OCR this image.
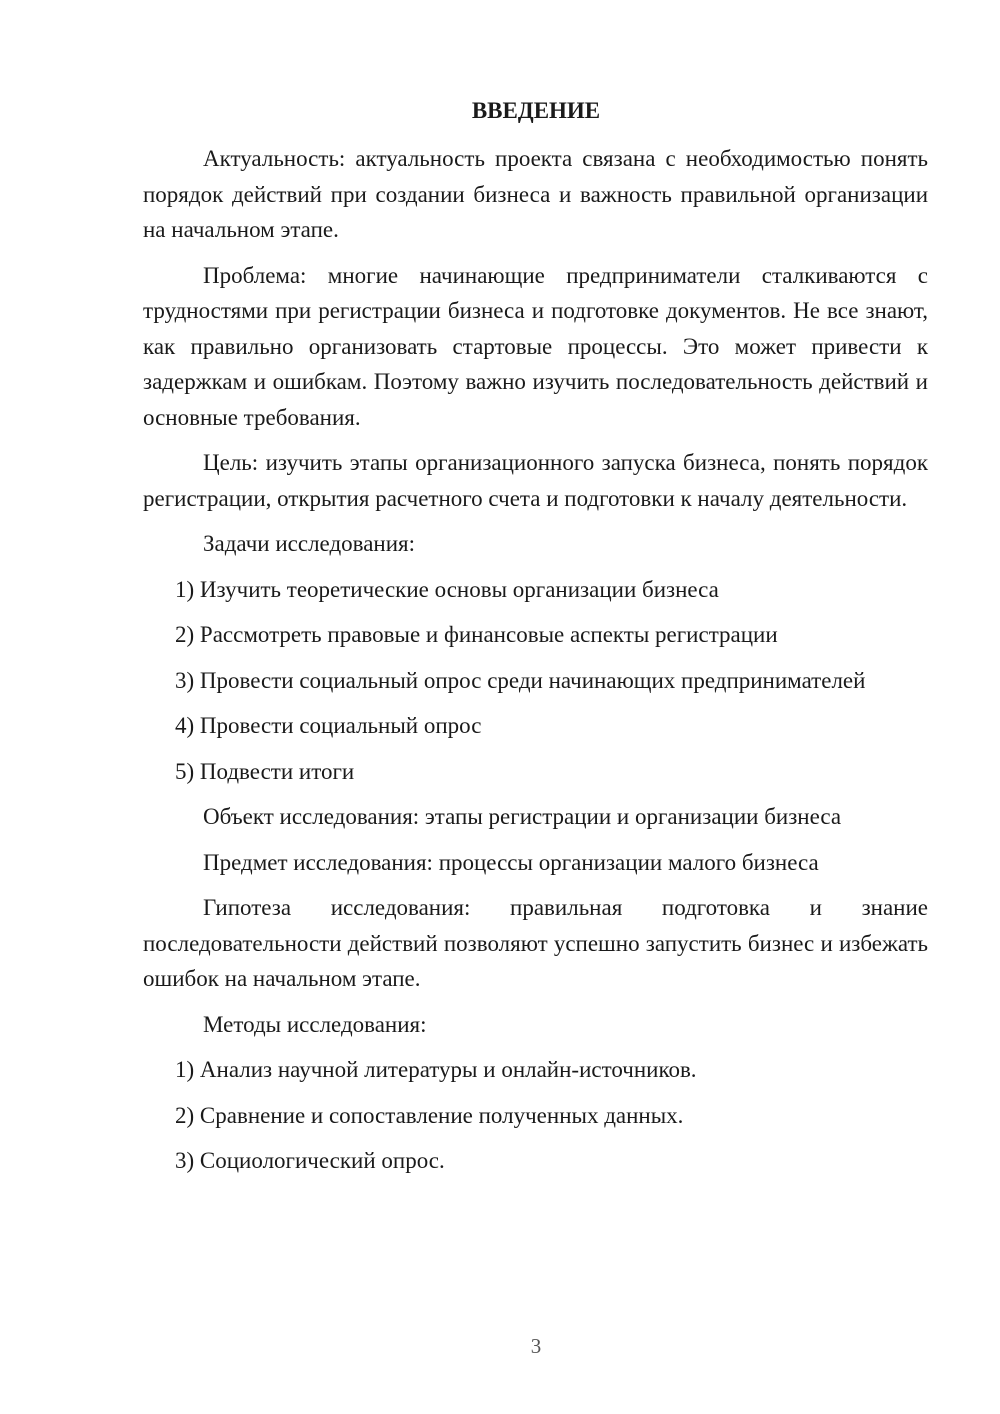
ВВЕДЕНИЕ

Актуальность: актуальность проекта связана с необходимостью понять порядок действий при создании бизнеса и важность правильной организации на начальном этапе.

Проблема: многие начинающие предприниматели сталкиваются с трудностями при регистрации бизнеса и подготовке документов. Не все знают, как правильно организовать стартовые процессы. Это может привести к задержкам и ошибкам. Поэтому важно изучить последовательность действий и основные требования.

Цель: изучить этапы организационного запуска бизнеса, понять порядок регистрации, открытия расчетного счета и подготовки к началу деятельности.

Задачи исследования:

1) Изучить теоретические основы организации бизнеса
2) Рассмотреть правовые и финансовые аспекты регистрации
3) Провести социальный опрос среди начинающих предпринимателей
4) Провести социальный опрос
5) Подвести итоги

Объект исследования: этапы регистрации и организации бизнеса

Предмет исследования: процессы организации малого бизнеса

Гипотеза исследования: правильная подготовка и знание последовательности действий позволяют успешно запустить бизнес и избежать ошибок на начальном этапе.

Методы исследования:

1) Анализ научной литературы и онлайн-источников.
2) Сравнение и сопоставление полученных данных.
3) Социологический опрос.
3
